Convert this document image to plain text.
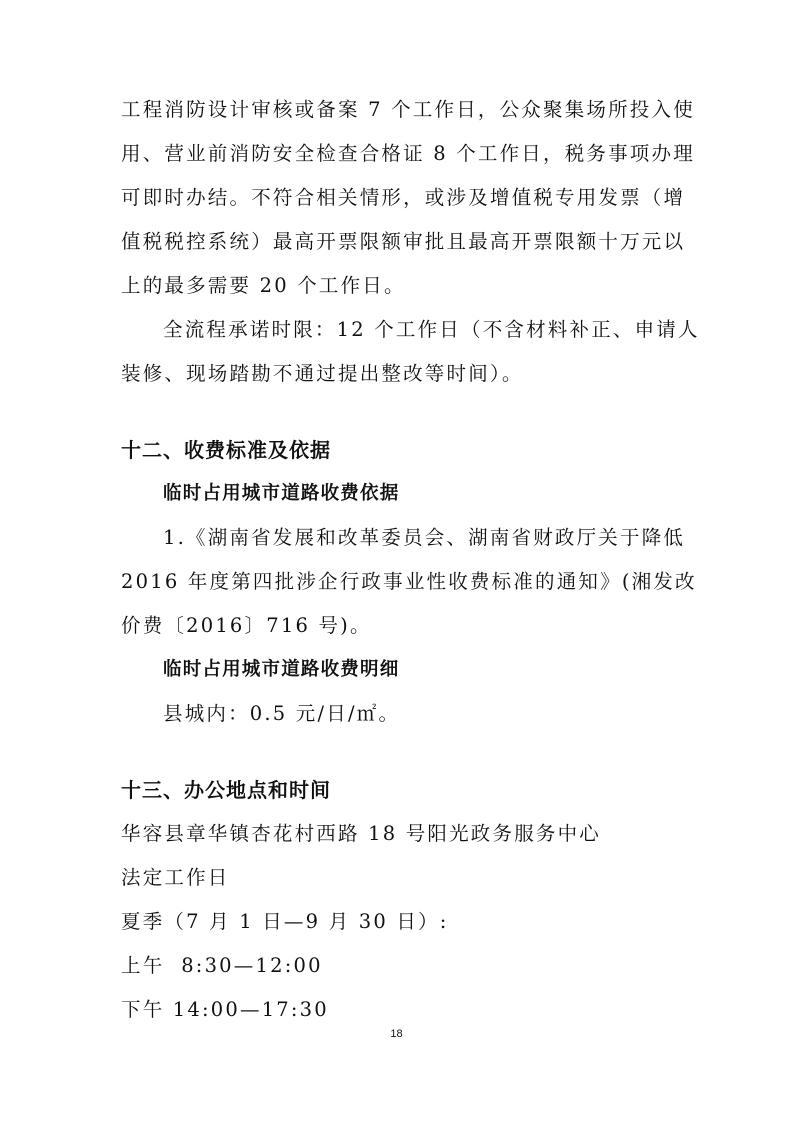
工程消防设计审核或备案 7 个工作日，公众聚集场所投入使
用、营业前消防安全检查合格证 8 个工作日，税务事项办理
可即时办结。不符合相关情形，或涉及增值税专用发票（增
值税税控系统）最高开票限额审批且最高开票限额十万元以
上的最多需要 20 个工作日。
全流程承诺时限：12 个工作日（不含材料补正、申请人
装修、现场踏勘不通过提出整改等时间）。
十二、收费标准及依据
临时占用城市道路收费依据
1.《湖南省发展和改革委员会、湖南省财政厅关于降低
2016 年度第四批涉企行政事业性收费标准的通知》(湘发改
价费〔2016〕716 号)。
临时占用城市道路收费明细
县城内：0.5 元/日/㎡。
十三、办公地点和时间
华容县章华镇杏花村西路 18 号阳光政务服务中心
法定工作日
夏季（7 月 1 日—9 月 30 日）:
上午  8:30—12:00
下午 14:00—17:30
18
